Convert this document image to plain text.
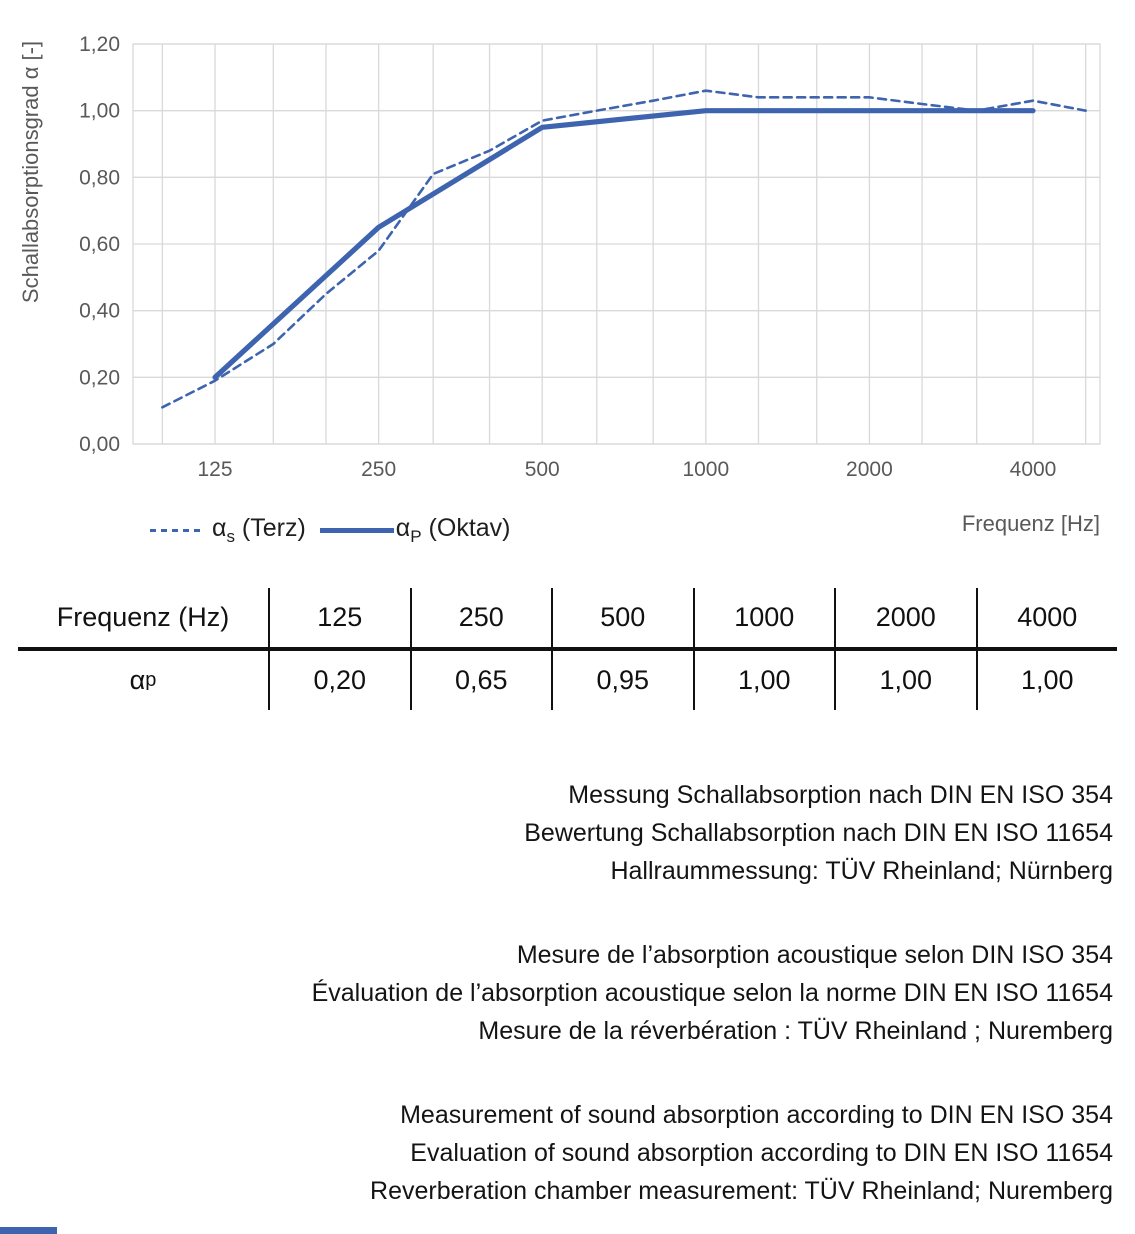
0,00
0,20
0,40
0,60
0,80
1,00
1,20
125	250	500	1000	2000	4000
Schallabsorptionsgrad α [-]
Frequenz [Hz]
$\alpha_s$ (Terz)	$\alpha_P$ (Oktav)
Frequenz (Hz)	125	250	500	1000	2000	4000
α p	0,20	0,65	0,95	1,00	1,00	1,00
Messung Schallabsorption nach DIN EN ISO 354
Bewertung Schallabsorption nach DIN EN ISO 11654
Hallraummessung: TÜV Rheinland; Nürnberg
Mesure de l’absorption acoustique selon DIN ISO 354
Évaluation de l’absorption acoustique selon la norme DIN EN ISO 11654
Mesure de la réverbération : TÜV Rheinland ; Nuremberg
Measurement of sound absorption according to DIN EN ISO 354
Evaluation of sound absorption according to DIN EN ISO 11654
Reverberation chamber measurement: TÜV Rheinland; Nuremberg
